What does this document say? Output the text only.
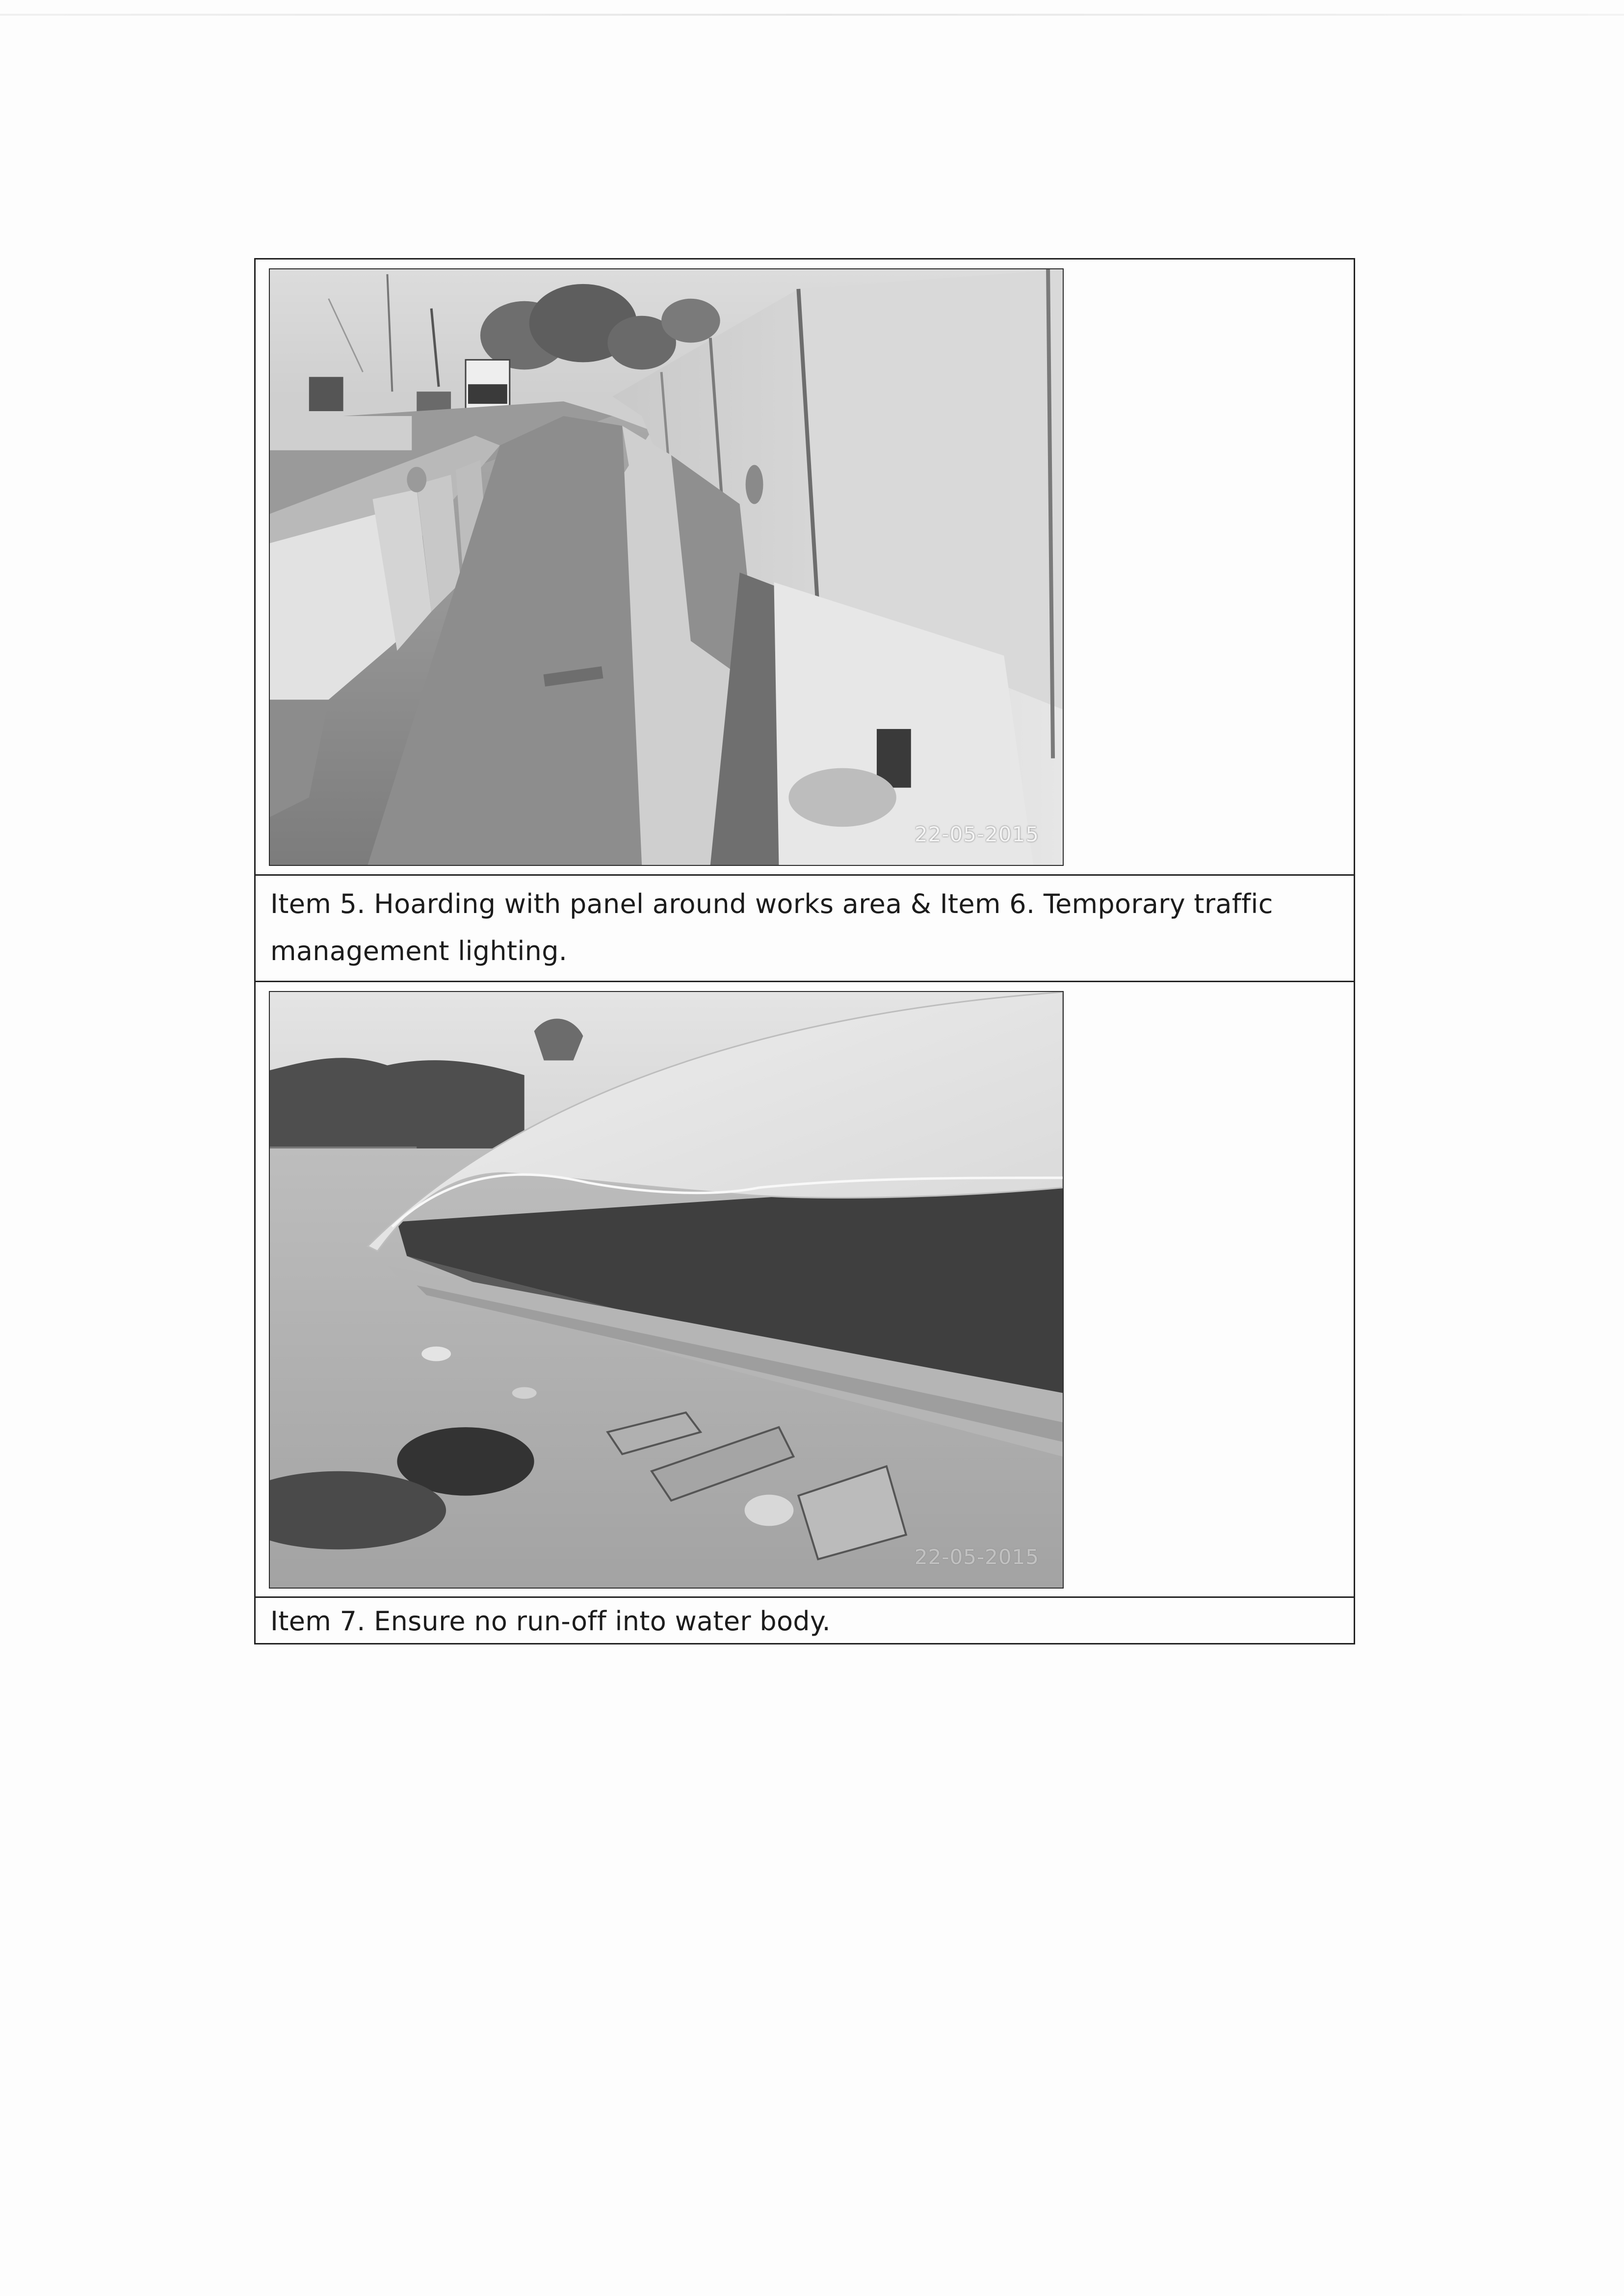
22-05-2015

Item 5. Hoarding with panel around works area & Item 6. Temporary traffic management lighting.

22-05-2015

Item 7. Ensure no run-off into water body.
